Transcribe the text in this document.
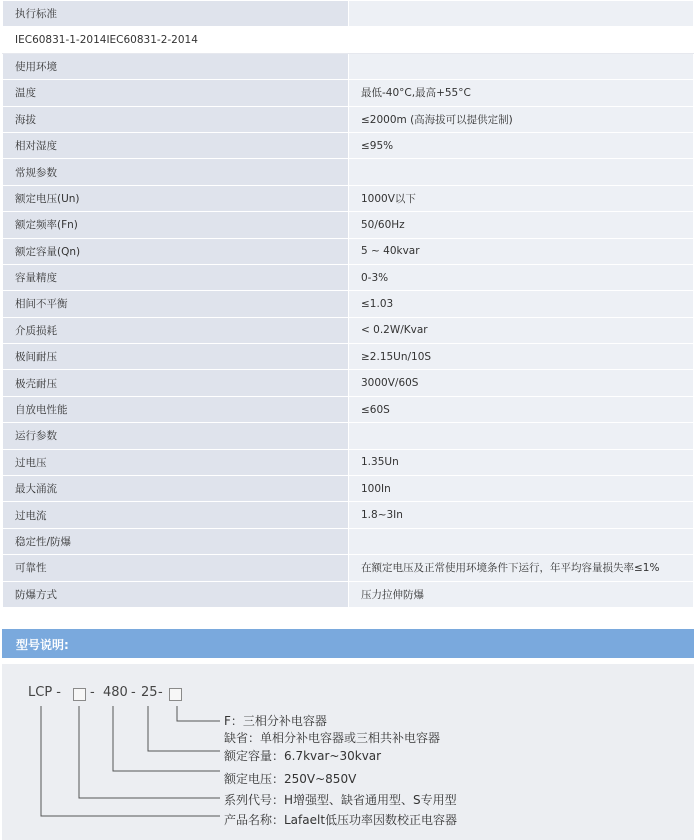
执行标准	
IEC60831-1-2014IEC60831-2-2014	
使用环境	
温度	最低-40°C,最高+55°C
海拔	≤2000m (高海拔可以提供定制)
相对湿度	≤95%
常规参数	
额定电压(Un)	1000V以下
额定频率(Fn)	50/60Hz
额定容量(Qn)	5 ~ 40kvar
容量精度	0-3%
相间不平衡	≤1.03
介质损耗	< 0.2W/Kvar
极间耐压	≥2.15Un/10S
极壳耐压	3000V/60S
自放电性能	≤60S
运行参数	
过电压	1.35Un
最大涌流	100In
过电流	1.8~3In
稳定性/防爆	
可靠性	在额定电压及正常使用环境条件下运行，年平均容量损失率≤1%
防爆方式	压力拉伸防爆
型号说明:
LCP - - 480 - 25 -
F：三相分补电容器
缺省：单相分补电容器或三相共补电容器
额定容量：6.7kvar~30kvar
额定电压：250V~850V
系列代号：H增强型、缺省通用型、S专用型
产品名称：Lafaelt低压功率因数校正电容器
